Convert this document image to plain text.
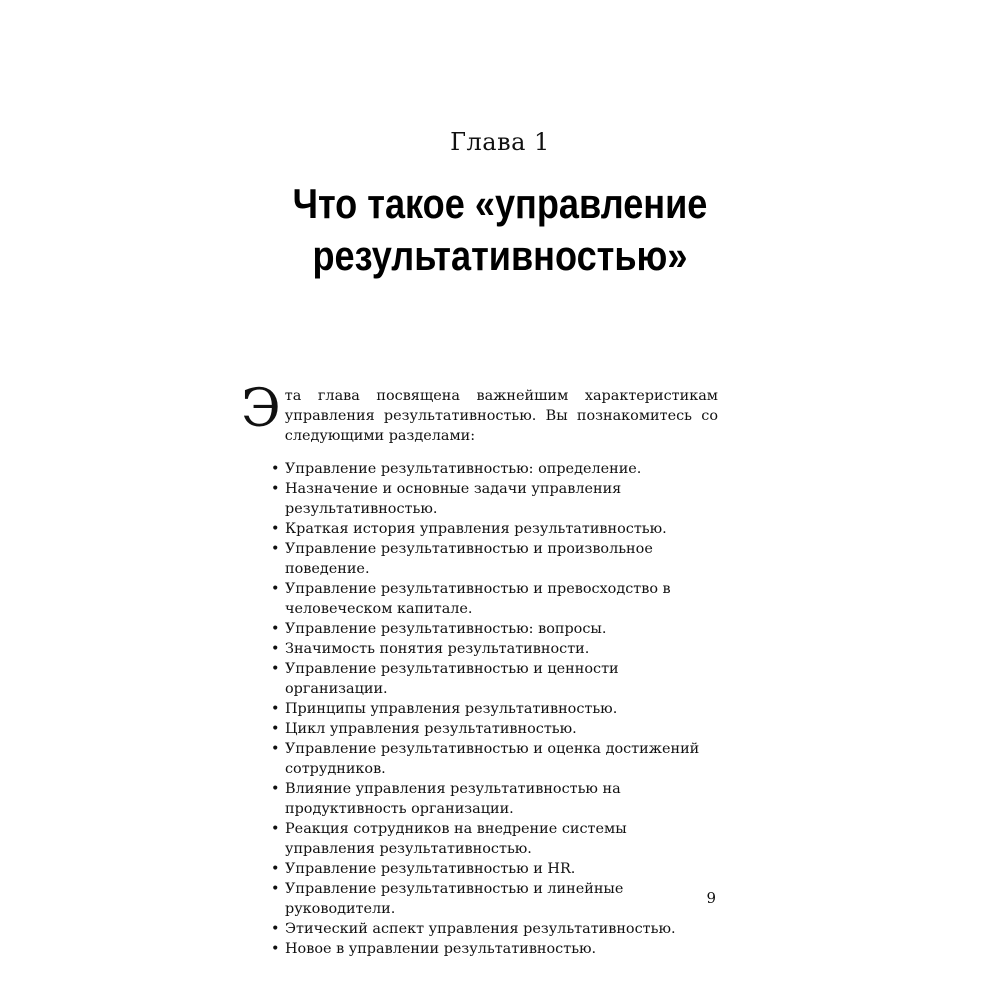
Глава 1
Что такое «управление
результативностью»

Эта глава посвящена важнейшим характеристикам управления результативностью. Вы познакомитесь со следующими разделами:

• Управление результативностью: определение.
• Назначение и основные задачи управления результативностью.
• Краткая история управления результативностью.
• Управление результативностью и произвольное поведение.
• Управление результативностью и превосходство в человеческом капитале.
• Управление результативностью: вопросы.
• Значимость понятия результативности.
• Управление результативностью и ценности организации.
• Принципы управления результативностью.
• Цикл управления результативностью.
• Управление результативностью и оценка достижений сотрудников.
• Влияние управления результативностью на продуктивность организации.
• Реакция сотрудников на внедрение системы управления результативностью.
• Управление результативностью и HR.
• Управление результативностью и линейные руководители.
• Этический аспект управления результативностью.
• Новое в управлении результативностью.
9
